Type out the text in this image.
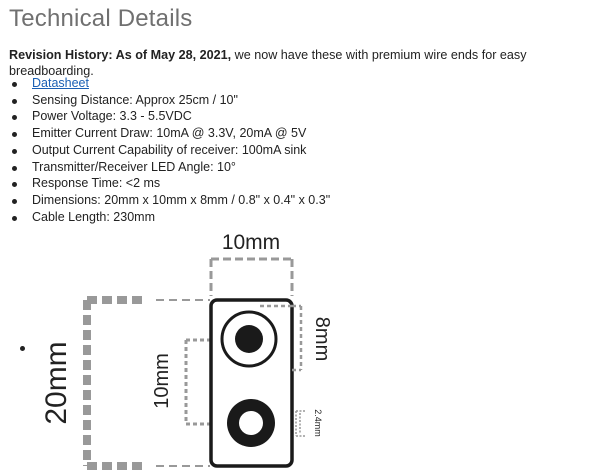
Technical Details

Revision History: As of May 28, 2021, we now have these with premium wire ends for easy breadboarding.

Datasheet
Sensing Distance: Approx 25cm / 10"
Power Voltage: 3.3 - 5.5VDC
Emitter Current Draw: 10mA @ 3.3V, 20mA @ 5V
Output Current Capability of receiver: 100mA sink
Transmitter/Receiver LED Angle: 10°
Response Time: <2 ms
Dimensions: 20mm x 10mm x 8mm / 0.8" x 0.4" x 0.3"
Cable Length: 230mm
10mm
20mm	10mm
8mm
2.4mm
